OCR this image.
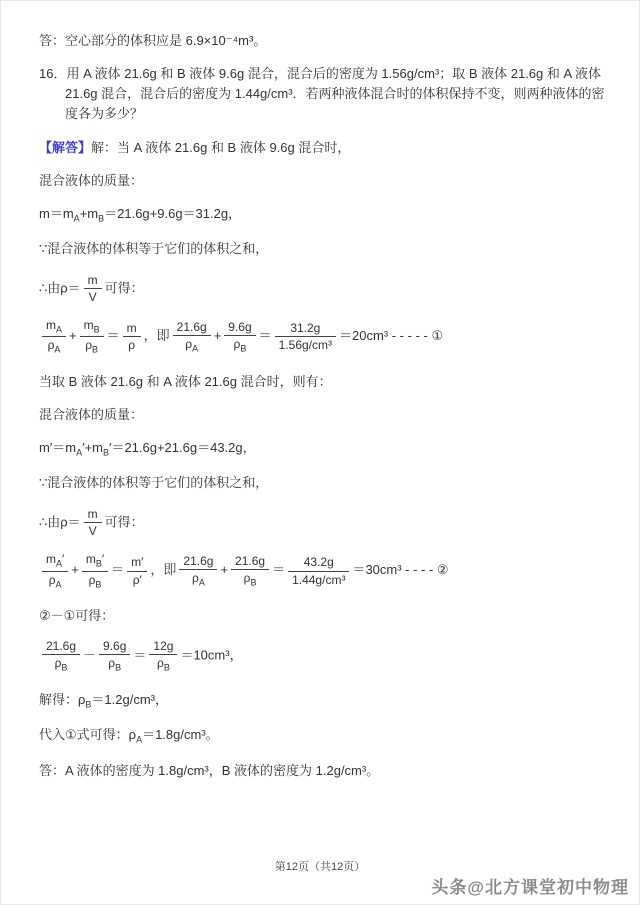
答：空心部分的体积应是 6.9×10⁻⁴m³。

16．用 A 液体 21.6g 和 B 液体 9.6g 混合，混合后的密度为 1.56g/cm³；取 B 液体 21.6g 和 A 液体 21.6g 混合，混合后的密度为 1.44g/cm³．若两种液体混合时的体积保持不变，则两种液体的密度各为多少？

【解答】解：当 A 液体 21.6g 和 B 液体 9.6g 混合时，

混合液体的质量：

$m=m_A+m_B=21.6g+9.6g=31.2g$，

∵混合液体的体积等于它们的体积之和，

∴由$\rho= \frac{m}{V}$ 可得：

$\frac{m_A}{\rho_A} + \frac{m_B}{\rho_B} = \frac{m}{\rho}$ ，即 $\frac{21.6g}{\rho_A} + \frac{9.6g}{\rho_B} = \frac{31.2g}{\text{1.56g/cm³}} =20cm^3$ - - - - - ①

当取 B 液体 21.6g 和 A 液体 21.6g 混合时，则有：

混合液体的质量：

$m'=m_A'+m_B'=21.6g+21.6g=43.2g$，

∵混合液体的体积等于它们的体积之和，

∴由$\rho= \frac{m}{V}$ 可得：

$\frac{m_A'}{\rho_A} + \frac{m_B'}{\rho_B} = \frac{m'}{\rho'}$ ，即 $\frac{21.6g}{\rho_A} + \frac{21.6g}{\rho_B} = \frac{43.2g}{\text{1.44g/cm³}} =30cm^3$ - - - - ②

②－①可得：

$\frac{21.6g}{\rho_B} - \frac{9.6g}{\rho_B} = \frac{12g}{\rho_B} =10cm^3$，

解得：$\rho_B=1.2g$/cm³，

代入①式可得：$\rho_A=1.8g$/cm³。

答：A 液体的密度为 1.8g/cm³，B 液体的密度为 1.2g/cm³。

第12页（共12页）
头条@北方课堂初中物理
